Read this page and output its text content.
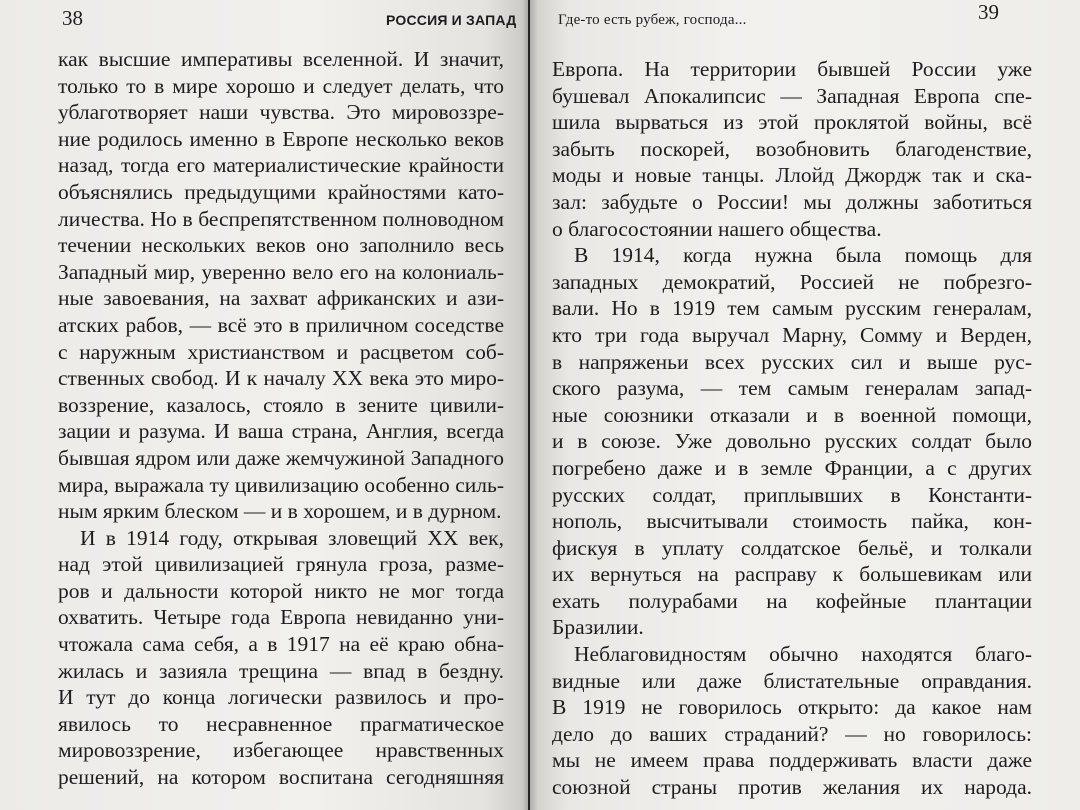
38	РОССИЯ И ЗАПАД
как высшие императивы вселенной. И значит,
только то в мире хорошо и следует делать, что
ублаготворяет наши чувства. Это мировоззре-
ние родилось именно в Европе несколько веков
назад, тогда его материалистические крайности
объяснялись предыдущими крайностями като-
личества. Но в беспрепятственном полноводном
течении нескольких веков оно заполнило весь
Западный мир, уверенно вело его на колониаль-
ные завоевания, на захват африканских и ази-
атских рабов, — всё это в приличном соседстве
с наружным христианством и расцветом соб-
ственных свобод. И к началу XX века это миро-
воззрение, казалось, стояло в зените цивили-
зации и разума. И ваша страна, Англия, всегда
бывшая ядром или даже жемчужиной Западного
мира, выражала ту цивилизацию особенно силь-
ным ярким блеском — и в хорошем, и в дурном.
И в 1914 году, открывая зловещий XX век,
над этой цивилизацией грянула гроза, разме-
ров и дальности которой никто не мог тогда
охватить. Четыре года Европа невиданно уни-
чтожала сама себя, а в 1917 на её краю обна-
жилась и зазияла трещина — впад в бездну.
И тут до конца логически развилось и про-
явилось то несравненное прагматическое
мировоззрение, избегающее нравственных
решений, на котором воспитана сегодняшняя
Где-то есть рубеж, господа...	39
Европа. На территории бывшей России уже
бушевал Апокалипсис — Западная Европа спе-
шила вырваться из этой проклятой войны, всё
забыть поскорей, возобновить благоденствие,
моды и новые танцы. Ллойд Джордж так и ска-
зал: забудьте о России! мы должны заботиться
о благосостоянии нашего общества.
В 1914, когда нужна была помощь для
западных демократий, Россией не побрезго-
вали. Но в 1919 тем самым русским генералам,
кто три года выручал Марну, Сомму и Верден,
в напряженьи всех русских сил и выше рус-
ского разума, — тем самым генералам запад-
ные союзники отказали и в военной помощи,
и в союзе. Уже довольно русских солдат было
погребено даже и в земле Франции, а с других
русских солдат, приплывших в Константи-
нополь, высчитывали стоимость пайка, кон-
фискуя в уплату солдатское бельё, и толкали
их вернуться на расправу к большевикам или
ехать полурабами на кофейные плантации
Бразилии.
Неблаговидностям обычно находятся благо-
видные или даже блистательные оправдания.
В 1919 не говорилось открыто: да какое нам
дело до ваших страданий? — но говорилось:
мы не имеем права поддерживать власти даже
союзной страны против желания их народа.
